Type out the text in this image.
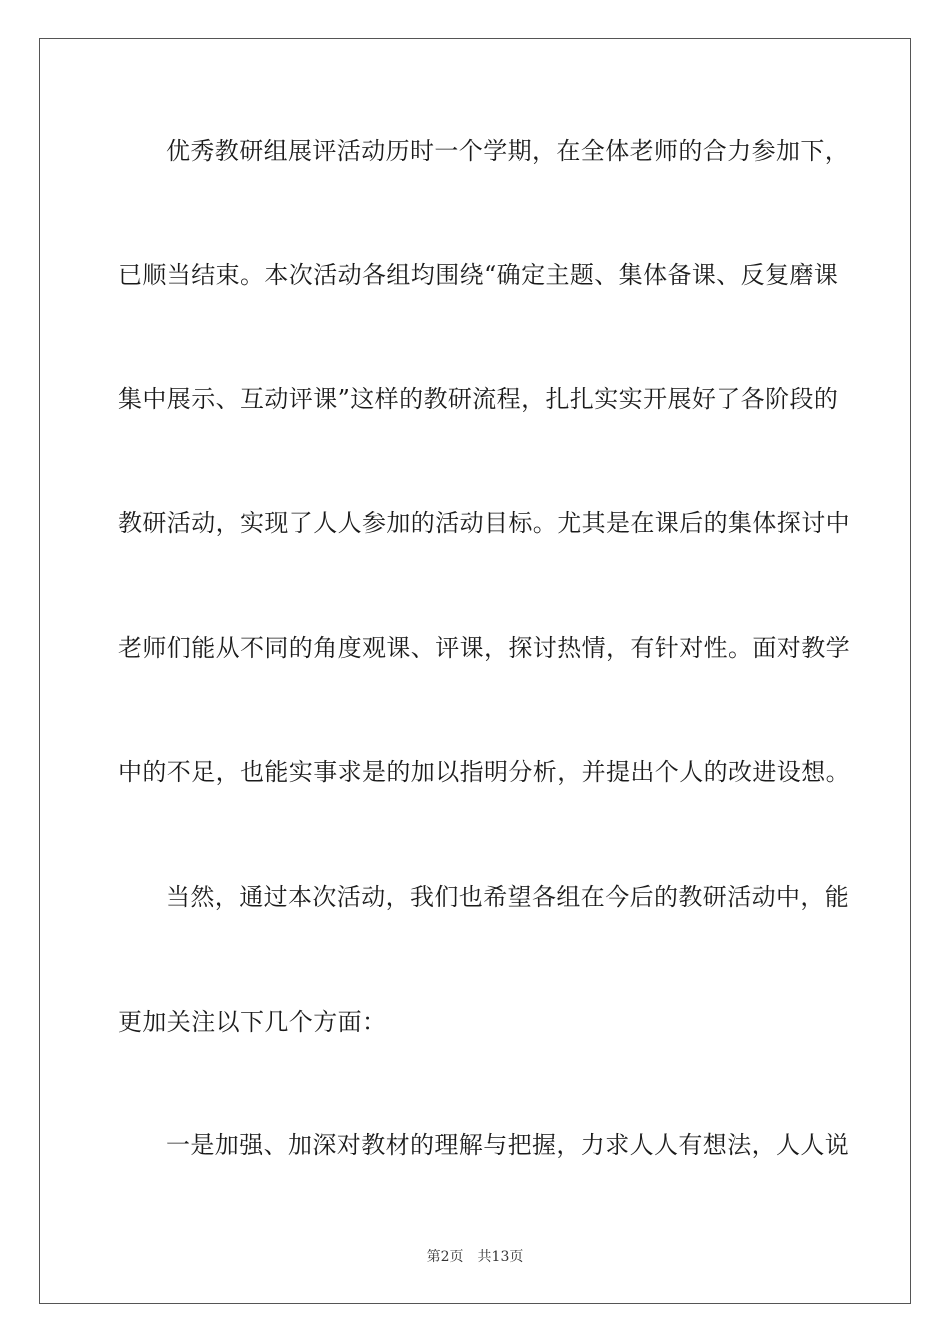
优秀教研组展评活动历时一个学期，在全体老师的合力参加下，
已顺当结束。本次活动各组均围绕“确定主题、集体备课、反复磨课
集中展示、互动评课”这样的教研流程，扎扎实实开展好了各阶段的
教研活动，实现了人人参加的活动目标。尤其是在课后的集体探讨中
老师们能从不同的角度观课、评课，探讨热情，有针对性。面对教学
中的不足，也能实事求是的加以指明分析，并提出个人的改进设想。
当然，通过本次活动，我们也希望各组在今后的教研活动中，能
更加关注以下几个方面：
一是加强、加深对教材的理解与把握，力求人人有想法，人人说
第2页 共13页
